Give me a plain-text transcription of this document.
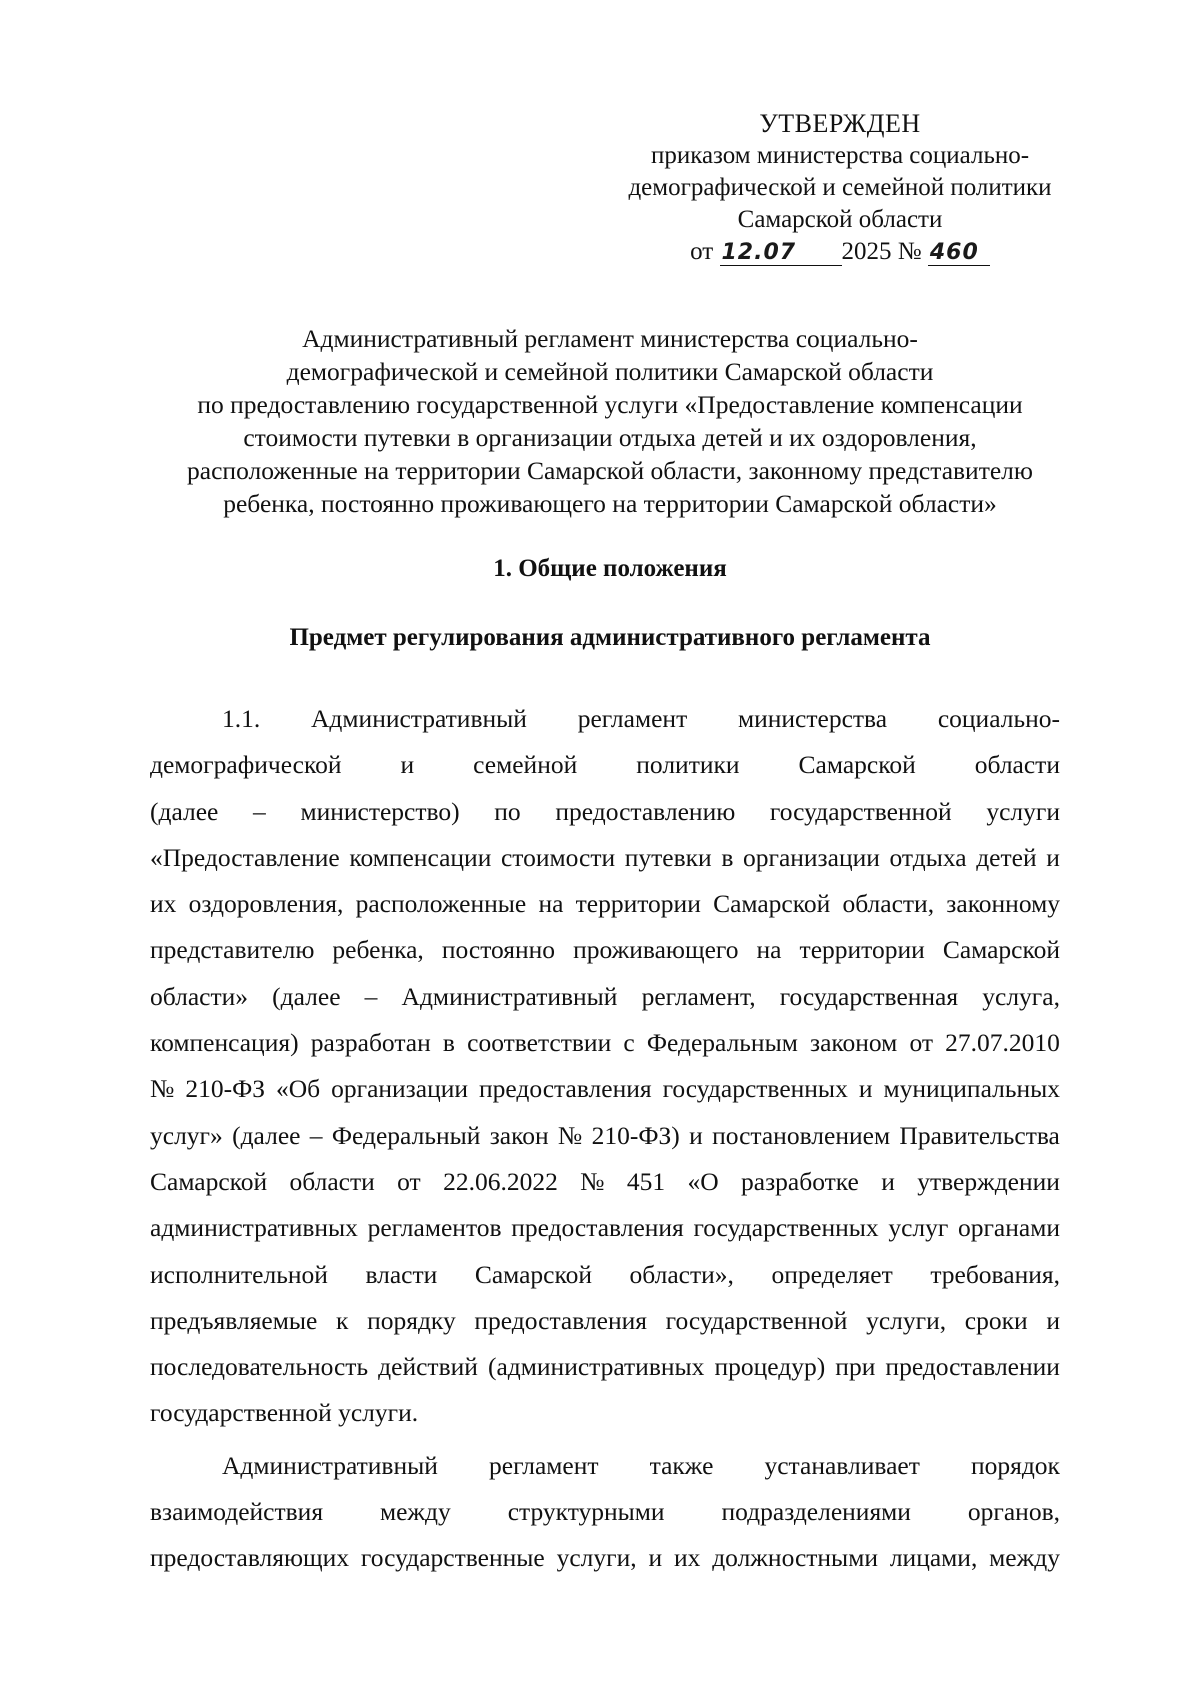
УТВЕРЖДЕН
приказом министерства социально-
демографической и семейной политики
Самарской области
от 12.07 2025 № 460
Административный регламент министерства социально-
демографической и семейной политики Самарской области
по предоставлению государственной услуги «Предоставление компенсации
стоимости путевки в организации отдыха детей и их оздоровления,
расположенные на территории Самарской области, законному представителю
ребенка, постоянно проживающего на территории Самарской области»
1. Общие положения
Предмет регулирования административного регламента
1.1. Административный регламент министерства социально-
демографической и семейной политики Самарской области
(далее – министерство) по предоставлению государственной услуги
«Предоставление компенсации стоимости путевки в организации отдыха детей и
их оздоровления, расположенные на территории Самарской области, законному
представителю ребенка, постоянно проживающего на территории Самарской
области» (далее – Административный регламент, государственная услуга,
компенсация) разработан в соответствии с Федеральным законом от 27.07.2010
№ 210-ФЗ «Об организации предоставления государственных и муниципальных
услуг» (далее – Федеральный закон № 210-ФЗ) и постановлением Правительства
Самарской области от 22.06.2022 № 451 «О разработке и утверждении
административных регламентов предоставления государственных услуг органами
исполнительной власти Самарской области», определяет требования,
предъявляемые к порядку предоставления государственной услуги, сроки и
последовательность действий (административных процедур) при предоставлении
государственной услуги.
Административный регламент также устанавливает порядок
взаимодействия между структурными подразделениями органов,
предоставляющих государственные услуги, и их должностными лицами, между
